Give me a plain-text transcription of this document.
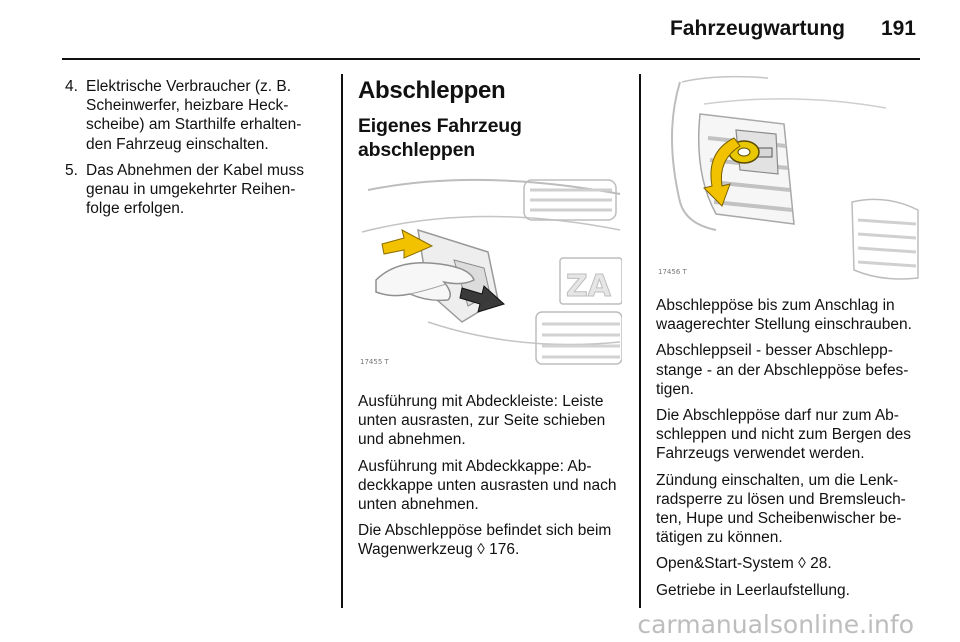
Fahrzeugwartung 191
4. Elektrische Verbraucher (z. B. Scheinwerfer, heizbare Heck-scheibe) am Starthilfe erhalten-den Fahrzeug einschalten.
5. Das Abnehmen der Kabel muss genau in umgekehrter Reihen-folge erfolgen.
Abschleppen
Eigenes Fahrzeug abschleppen
ZA
17455 T

Ausführung mit Abdeckleiste: Leiste unten ausrasten, zur Seite schieben und abnehmen.

Ausführung mit Abdeckkappe: Ab-deckkappe unten ausrasten und nach unten abnehmen.

Die Abschleppöse befindet sich beim Wagenwerkzeug ◊ 176.

17456 T

Abschleppöse bis zum Anschlag in waagerechter Stellung einschrauben.

Abschleppseil - besser Abschlepp-stange - an der Abschleppöse befes-tigen.

Die Abschleppöse darf nur zum Ab-schleppen und nicht zum Bergen des Fahrzeugs verwendet werden.

Zündung einschalten, um die Lenk-radsperre zu lösen und Bremsleuch-ten, Hupe und Scheibenwischer be-tätigen zu können.

Open&Start-System ◊ 28.

Getriebe in Leerlaufstellung.

carmanualsonline.info
